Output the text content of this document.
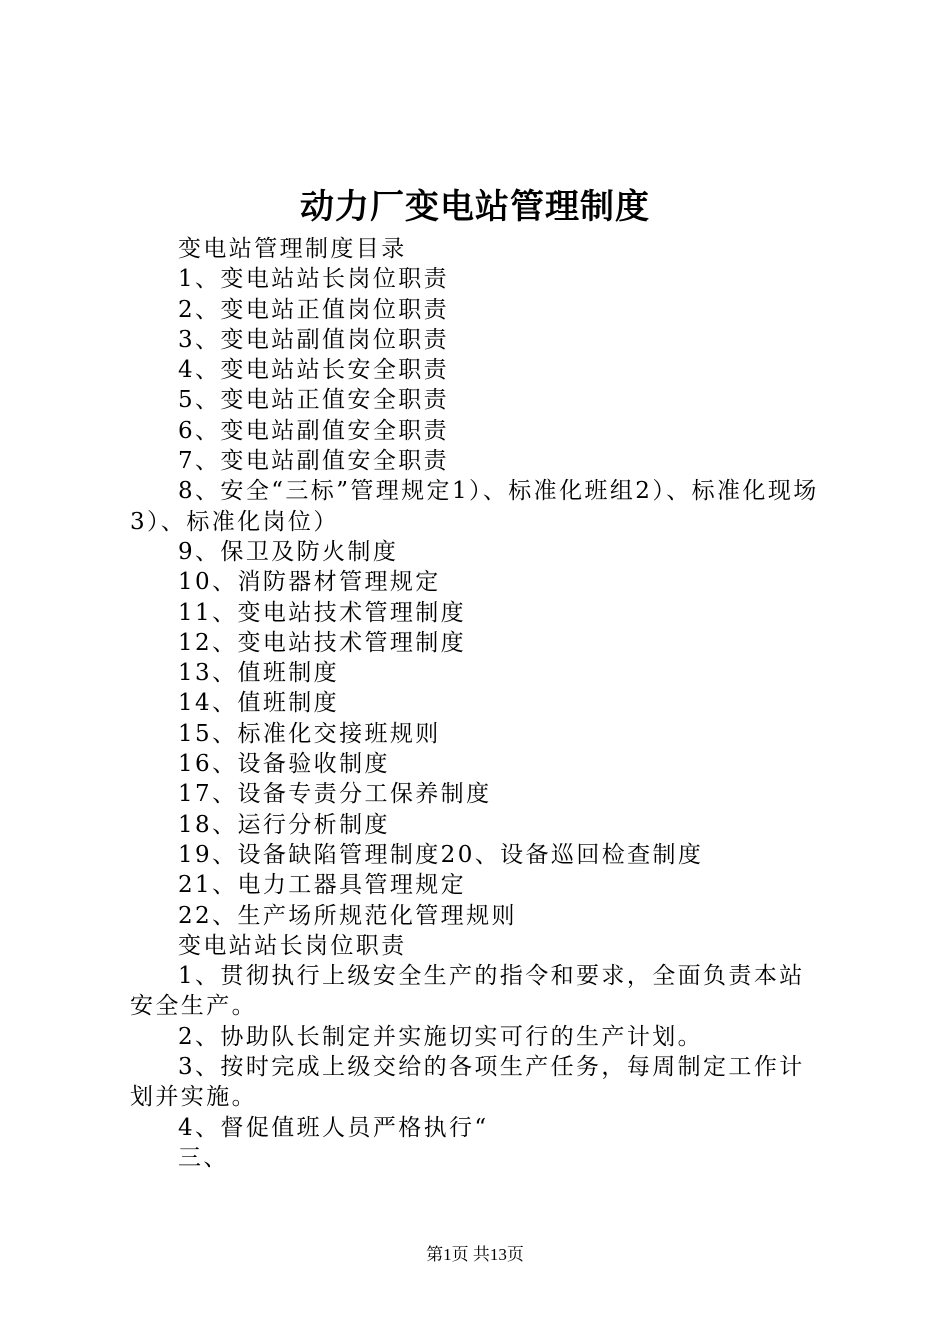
动力厂变电站管理制度

变电站管理制度目录

1、变电站站长岗位职责

2、变电站正值岗位职责

3、变电站副值岗位职责

4、变电站站长安全职责

5、变电站正值安全职责

6、变电站副值安全职责

7、变电站副值安全职责

8、安全“三标”管理规定1）、标准化班组2）、标准化现场3）、标准化岗位）

9、保卫及防火制度

10、消防器材管理规定

11、变电站技术管理制度

12、变电站技术管理制度

13、值班制度

14、值班制度

15、标准化交接班规则

16、设备验收制度

17、设备专责分工保养制度

18、运行分析制度

19、设备缺陷管理制度20、设备巡回检查制度

21、电力工器具管理规定

22、生产场所规范化管理规则

变电站站长岗位职责

1、贯彻执行上级安全生产的指令和要求，全面负责本站安全生产。

2、协助队长制定并实施切实可行的生产计划。

3、按时完成上级交给的各项生产任务，每周制定工作计划并实施。

4、督促值班人员严格执行“

三、

第1页 共13页
